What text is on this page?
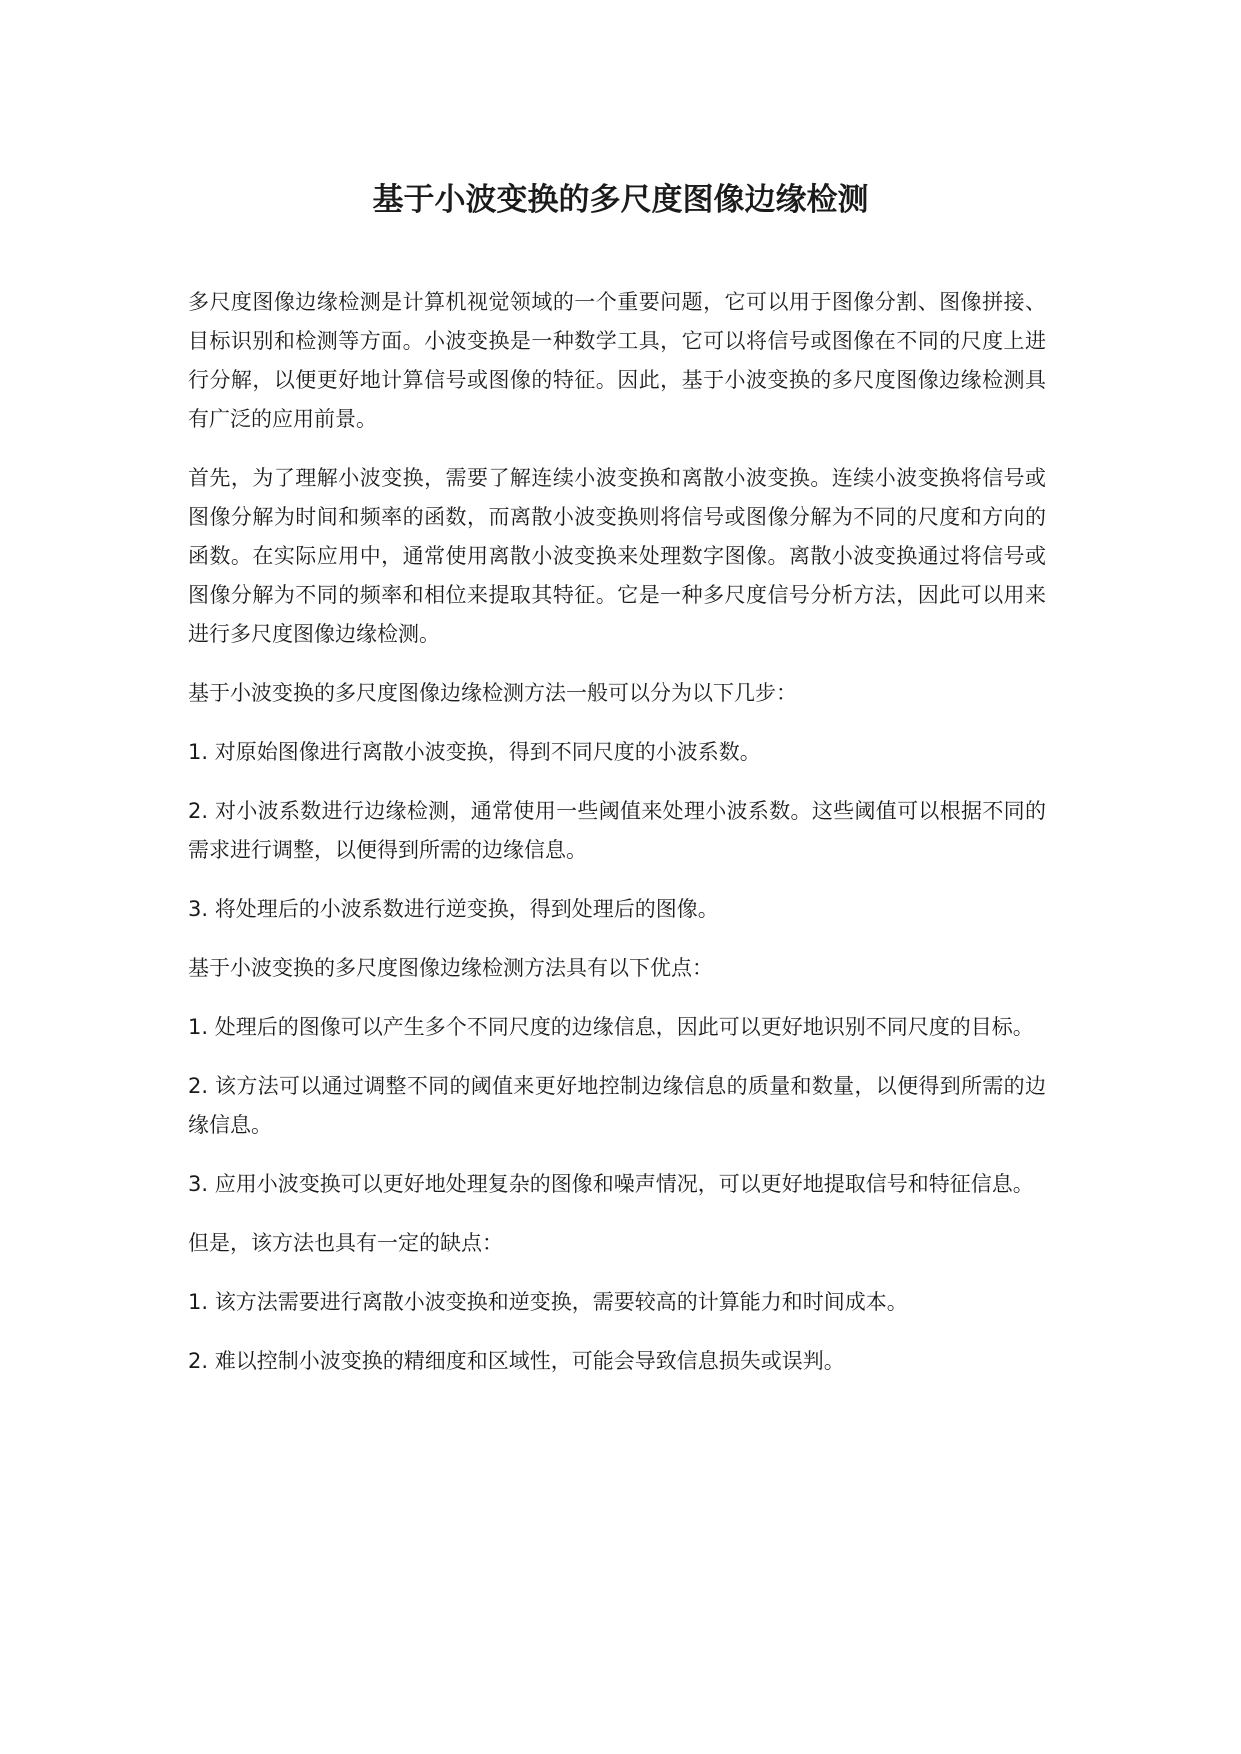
基于小波变换的多尺度图像边缘检测

多尺度图像边缘检测是计算机视觉领域的一个重要问题，它可以用于图像分割、图像拼接、目标识别和检测等方面。小波变换是一种数学工具，它可以将信号或图像在不同的尺度上进行分解，以便更好地计算信号或图像的特征。因此，基于小波变换的多尺度图像边缘检测具有广泛的应用前景。

首先，为了理解小波变换，需要了解连续小波变换和离散小波变换。连续小波变换将信号或图像分解为时间和频率的函数，而离散小波变换则将信号或图像分解为不同的尺度和方向的函数。在实际应用中，通常使用离散小波变换来处理数字图像。离散小波变换通过将信号或图像分解为不同的频率和相位来提取其特征。它是一种多尺度信号分析方法，因此可以用来进行多尺度图像边缘检测。

基于小波变换的多尺度图像边缘检测方法一般可以分为以下几步：

1. 对原始图像进行离散小波变换，得到不同尺度的小波系数。

2. 对小波系数进行边缘检测，通常使用一些阈值来处理小波系数。这些阈值可以根据不同的需求进行调整，以便得到所需的边缘信息。

3. 将处理后的小波系数进行逆变换，得到处理后的图像。

基于小波变换的多尺度图像边缘检测方法具有以下优点：

1. 处理后的图像可以产生多个不同尺度的边缘信息，因此可以更好地识别不同尺度的目标。

2. 该方法可以通过调整不同的阈值来更好地控制边缘信息的质量和数量，以便得到所需的边缘信息。

3. 应用小波变换可以更好地处理复杂的图像和噪声情况，可以更好地提取信号和特征信息。

但是，该方法也具有一定的缺点：

1. 该方法需要进行离散小波变换和逆变换，需要较高的计算能力和时间成本。

2. 难以控制小波变换的精细度和区域性，可能会导致信息损失或误判。
